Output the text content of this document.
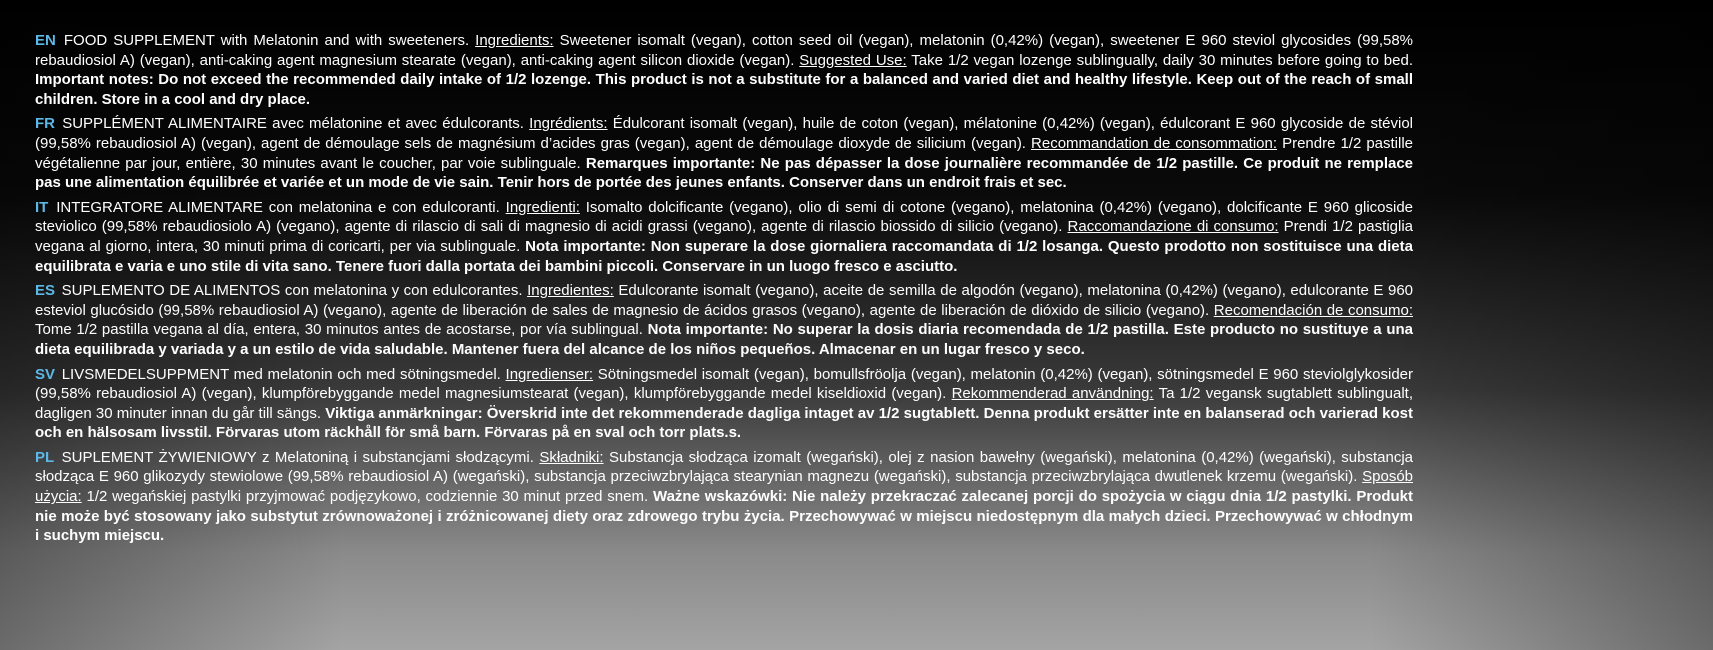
EN FOOD SUPPLEMENT with Melatonin and with sweeteners. Ingredients: Sweetener isomalt (vegan), cotton seed oil (vegan), melatonin (0,42%) (vegan), sweetener E 960 steviol glycosides (99,58% rebaudiosiol A) (vegan), anti-caking agent magnesium stearate (vegan), anti-caking agent silicon dioxide (vegan). Suggested Use: Take 1/2 vegan lozenge sublingually, daily 30 minutes before going to bed. Important notes: Do not exceed the recommended daily intake of 1/2 lozenge. This product is not a substitute for a balanced and varied diet and healthy lifestyle. Keep out of the reach of small children. Store in a cool and dry place.

FR SUPPLÉMENT ALIMENTAIRE avec mélatonine et avec édulcorants. Ingrédients: Édulcorant isomalt (vegan), huile de coton (vegan), mélatonine (0,42%) (vegan), édulcorant E 960 glycoside de stéviol (99,58% rebaudiosiol A) (vegan), agent de démoulage sels de magnésium d’acides gras (vegan), agent de démoulage dioxyde de silicium (vegan). Recommandation de consommation: Prendre 1/2 pastille végétalienne par jour, entière, 30 minutes avant le coucher, par voie sublinguale. Remarques importante: Ne pas dépasser la dose journalière recommandée de 1/2 pastille. Ce produit ne remplace pas une alimentation équilibrée et variée et un mode de vie sain. Tenir hors de portée des jeunes enfants. Conserver dans un endroit frais et sec.

IT INTEGRATORE ALIMENTARE con melatonina e con edulcoranti. Ingredienti: Isomalto dolcificante (vegano), olio di semi di cotone (vegano), melatonina (0,42%) (vegano), dolcificante E 960 glicoside steviolico (99,58% rebaudiosiolo A) (vegano), agente di rilascio di sali di magnesio di acidi grassi (vegano), agente di rilascio biossido di silicio (vegano). Raccomandazione di consumo: Prendi 1/2 pastiglia vegana al giorno, intera, 30 minuti prima di coricarti, per via sublinguale. Nota importante: Non superare la dose giornaliera raccomandata di 1/2 losanga. Questo prodotto non sostituisce una dieta equilibrata e varia e uno stile di vita sano. Tenere fuori dalla portata dei bambini piccoli. Conservare in un luogo fresco e asciutto.

ES SUPLEMENTO DE ALIMENTOS con melatonina y con edulcorantes. Ingredientes: Edulcorante isomalt (vegano), aceite de semilla de algodón (vegano), melatonina (0,42%) (vegano), edulcorante E 960 esteviol glucósido (99,58% rebaudiosiol A) (vegano), agente de liberación de sales de magnesio de ácidos grasos (vegano), agente de liberación de dióxido de silicio (vegano). Recomendación de consumo: Tome 1/2 pastilla vegana al día, entera, 30 minutos antes de acostarse, por vía sublingual. Nota importante: No superar la dosis diaria recomendada de 1/2 pastilla. Este producto no sustituye a una dieta equilibrada y variada y a un estilo de vida saludable. Mantener fuera del alcance de los niños pequeños. Almacenar en un lugar fresco y seco.

SV LIVSMEDELSUPPMENT med melatonin och med sötningsmedel. Ingredienser: Sötningsmedel isomalt (vegan), bomullsfröolja (vegan), melatonin (0,42%) (vegan), sötningsmedel E 960 steviolglykosider (99,58% rebaudiosiol A) (vegan), klumpförebyggande medel magnesiumstearat (vegan), klumpförebyggande medel kiseldioxid (vegan). Rekommenderad användning: Ta 1/2 vegansk sugtablett sublingualt, dagligen 30 minuter innan du går till sängs. Viktiga anmärkningar: Överskrid inte det rekommenderade dagliga intaget av 1/2 sugtablett. Denna produkt ersätter inte en balanserad och varierad kost och en hälsosam livsstil. Förvaras utom räckhåll för små barn. Förvaras på en sval och torr plats.s.

PL SUPLEMENT ŻYWIENIOWY z Melatoniną i substancjami słodzącymi. Składniki: Substancja słodząca izomalt (wegański), olej z nasion bawełny (wegański), melatonina (0,42%) (wegański), substancja słodząca E 960 glikozydy stewiolowe (99,58% rebaudiosiol A) (wegański), substancja przeciwzbrylająca stearynian magnezu (wegański), substancja przeciwzbrylająca dwutlenek krzemu (wegański). Sposób użycia: 1/2 wegańskiej pastylki przyjmować podjęzykowo, codziennie 30 minut przed snem. Ważne wskazówki: Nie należy przekraczać zalecanej porcji do spożycia w ciągu dnia 1/2 pastylki. Produkt nie może być stosowany jako substytut zrównoważonej i zróżnicowanej diety oraz zdrowego trybu życia. Przechowywać w miejscu niedostępnym dla małych dzieci. Przechowywać w chłodnym i suchym miejscu.
